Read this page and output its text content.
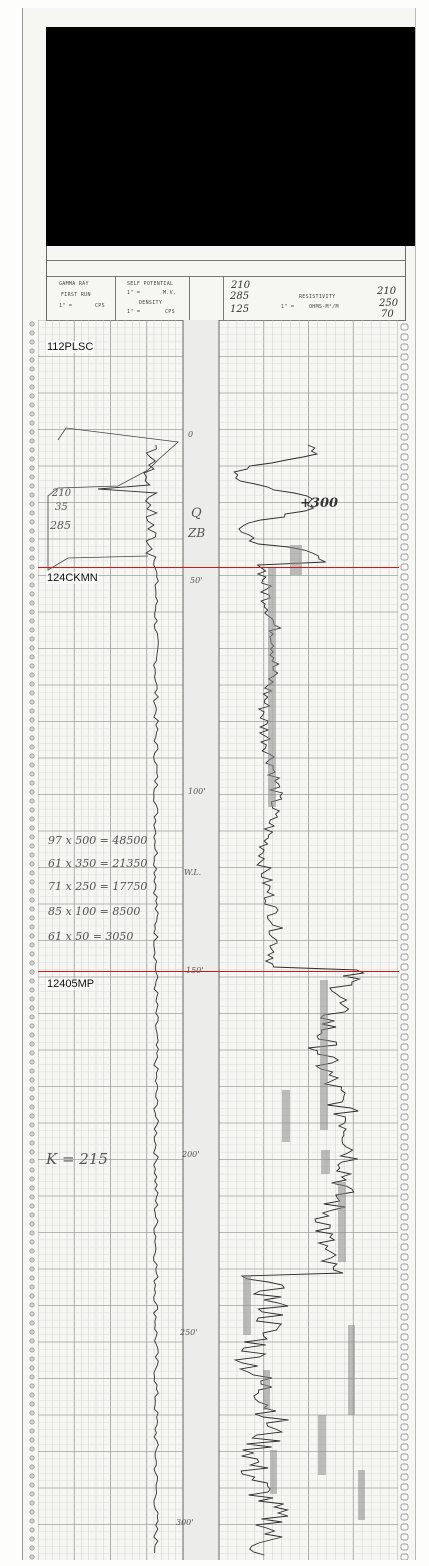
GAMMA RAY
FIRST RUN
1" =	CPS
SELF POTENTIAL
1" =	M.V.
DENSITY
1" =	CPS
RESISTIVITY
1" =	OHMS-M²/M
210
285
125
210
250
70
0
50'
100'
150'
200'
250'
300'
210
35
285
+300
Q
ZB
97 x 500 = 48500
61 x 350 = 21350
71 x 250 = 17750
85 x 100 = 8500
61 x 50 = 3050
W.L.
K = 215
112PLSC
124CKMN
12405MP
